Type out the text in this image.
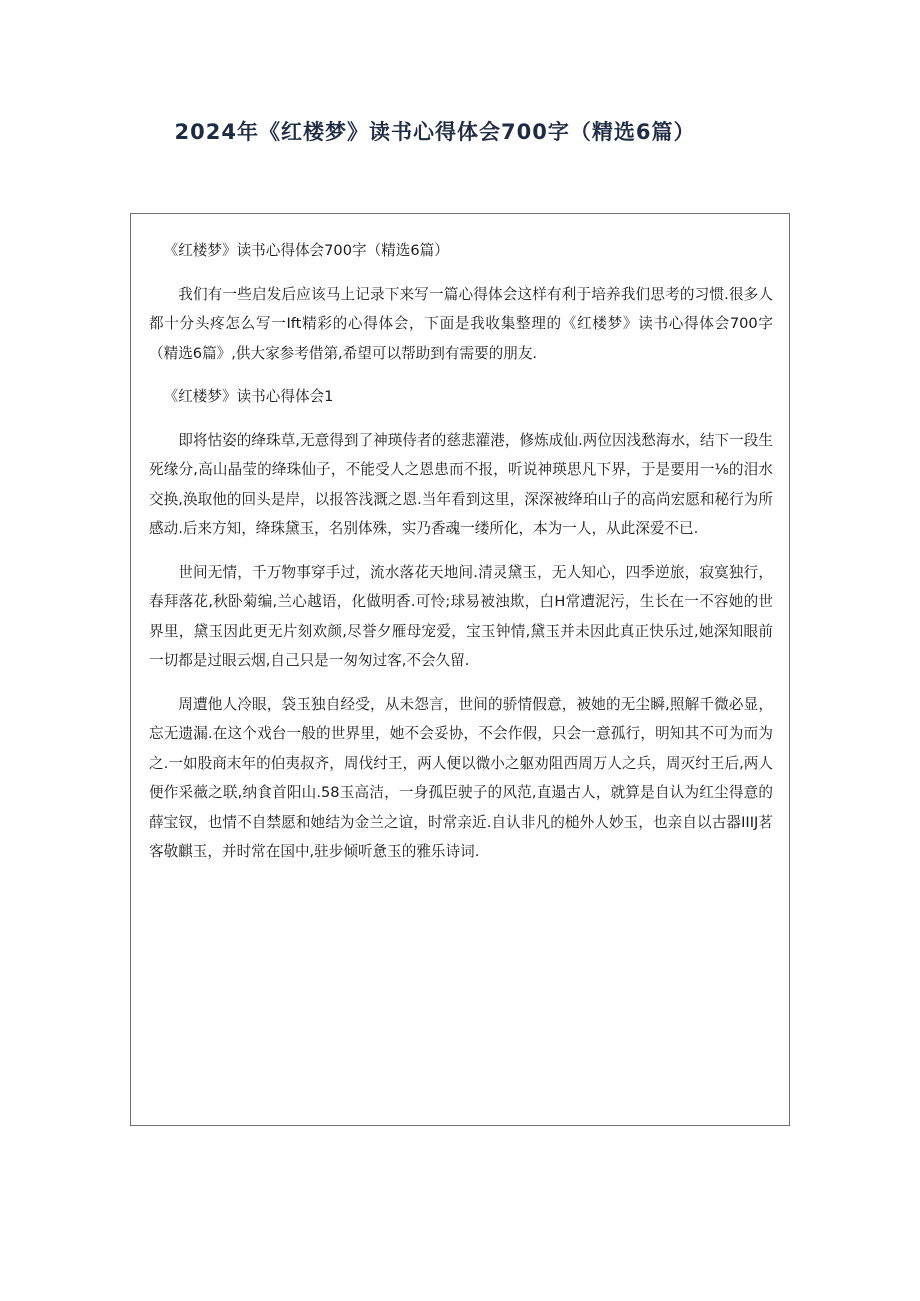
2024年《红楼梦》读书心得体会700字（精选6篇）

《红楼梦》读书心得体会700字（精选6篇）

我们有一些启发后应该马上记录下来写一篇心得体会这样有利于培养我们思考的习惯.很多人都十分头疼怎么写一Ift精彩的心得体会，下面是我收集整理的《红楼梦》读书心得体会700字（精选6篇》,供大家参考借第,希望可以帮助到有需要的朋友.

《红楼梦》读书心得体会1

即将怙姿的绛珠草,无意得到了神瑛侍者的慈悲灌港，修炼成仙.两位因浅愁海水，结下一段生死缘分,高山晶莹的绛珠仙子，不能受人之恩患而不报，听说神瑛思凡下界，于是要用一⅛的泪水交换,涣取他的回头是岸，以报答浅溉之恩.当年看到这里，深深被绛珀山子的高尚宏愿和秘行为所感动.后来方知，绛珠黛玉，名别体殊，实乃香魂一缕所化，本为一人，从此深爱不已.

世间无情，千万物事穿手过，流水落花天地间.清灵黛玉，无人知心，四季逆旅，寂寞独行，春拜落花,秋卧菊编,兰心越语，化做明香.可怜;球易被浊欺，白H常遭泥污，生长在一不容她的世界里，黛玉因此更无片刻欢颜,尽誉夕雁母宠爱，宝玉钟情,黛玉并未因此真正快乐过,她深知眼前一切都是过眼云烟,自己只是一匆匆过客,不会久留.

周遭他人冷眼，袋玉独自经受，从未怨言，世间的骄情假意，被她的无尘瞬,照解千微必显，忘无遗漏.在这个戏台一般的世界里，她不会妥协，不会作假，只会一意孤行，明知其不可为而为之.一如股商末年的伯夷叔齐，周伐纣王，两人便以微小之躯劝阻西周万人之兵，周灭纣王后,两人便作采薇之联,纳食首阳山.58玉高洁，一身孤臣驶子的风范,直遢古人，就算是自认为红尘得意的薛宝钗，也情不自禁愿和她结为金兰之谊，时常亲近.自认非凡的槌外人妙玉，也亲自以古器IIIJ茗客敬麒玉，并时常在国中,驻步倾听惫玉的雅乐诗词.
